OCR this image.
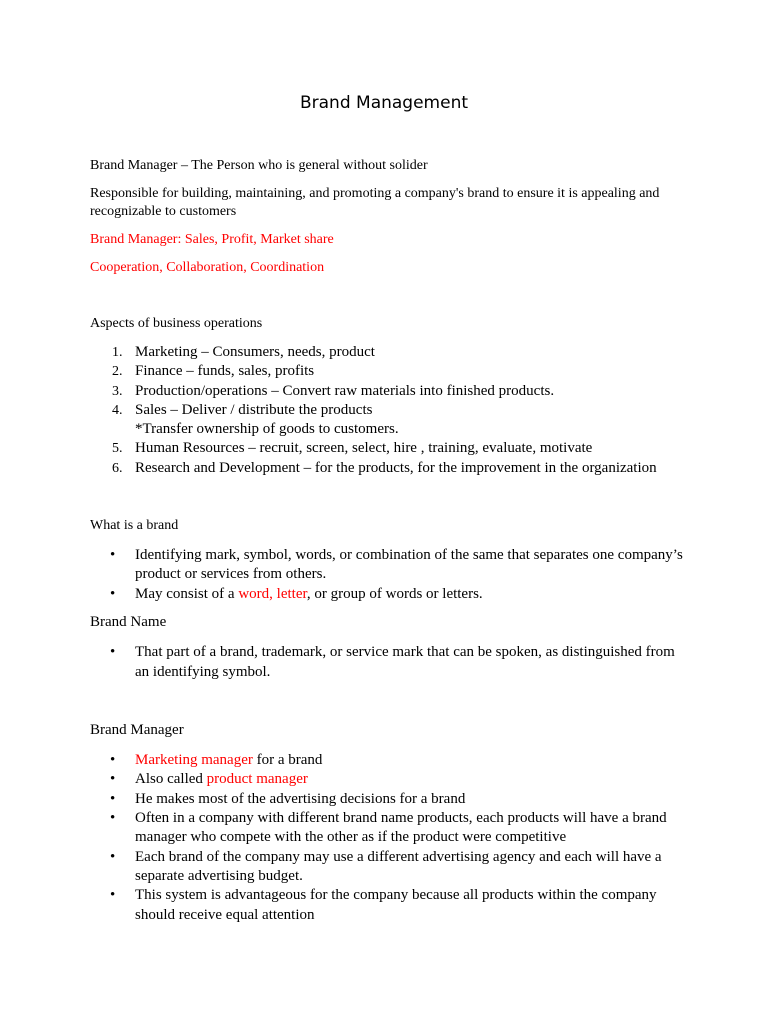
Brand Management

Brand Manager – The Person who is general without solider

Responsible for building, maintaining, and promoting a company's brand to ensure it is appealing and recognizable to customers

Brand Manager: Sales, Profit, Market share

Cooperation, Collaboration, Coordination

Aspects of business operations

1. Marketing – Consumers, needs, product
2. Finance – funds, sales, profits
3. Production/operations – Convert raw materials into finished products.
4. Sales – Deliver / distribute the products
*Transfer ownership of goods to customers.
5. Human Resources – recruit, screen, select, hire , training, evaluate, motivate
6. Research and Development – for the products, for the improvement in the organization

What is a brand

• Identifying mark, symbol, words, or combination of the same that separates one company’s product or services from others.
• May consist of a word, letter, or group of words or letters.

Brand Name

• That part of a brand, trademark, or service mark that can be spoken, as distinguished from an identifying symbol.

Brand Manager

• Marketing manager for a brand
• Also called product manager
• He makes most of the advertising decisions for a brand
• Often in a company with different brand name products, each products will have a brand manager who compete with the other as if the product were competitive
• Each brand of the company may use a different advertising agency and each will have a separate advertising budget.
• This system is advantageous for the company because all products within the company should receive equal attention
